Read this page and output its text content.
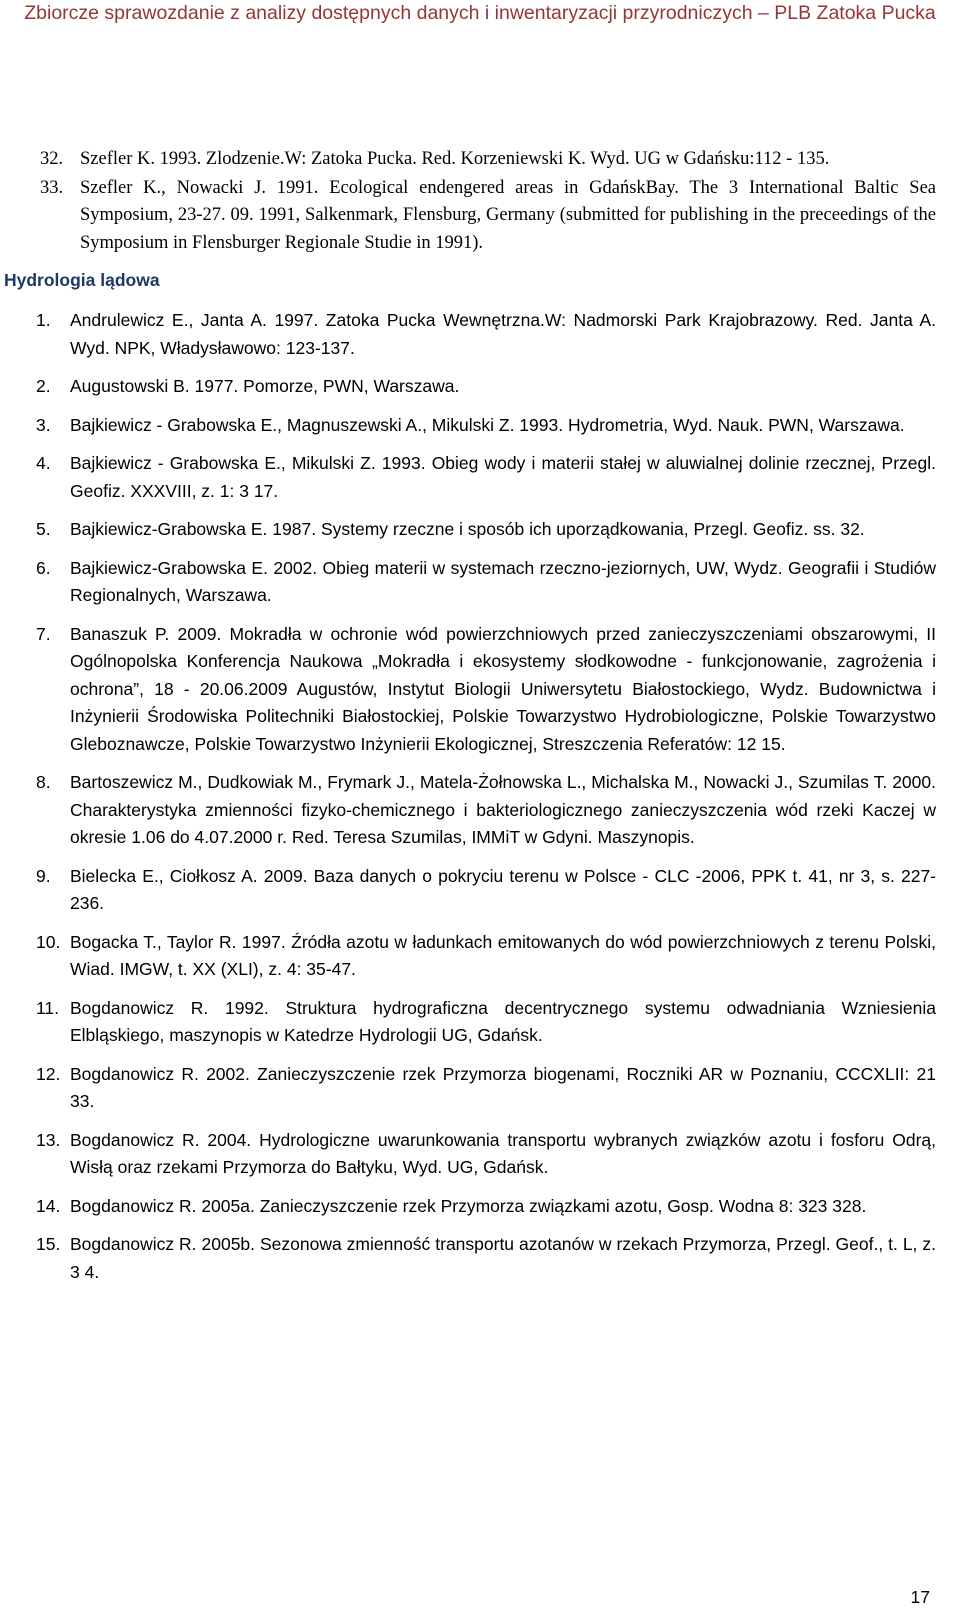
Zbiorcze sprawozdanie z analizy dostępnych danych i inwentaryzacji przyrodniczych – PLB Zatoka Pucka
32. Szefler K. 1993. Zlodzenie.W: Zatoka Pucka. Red. Korzeniewski K. Wyd. UG w Gdańsku:112 - 135.
33. Szefler K., Nowacki J. 1991. Ecological endengered areas in GdańskBay. The 3 International Baltic Sea Symposium, 23-27. 09. 1991, Salkenmark, Flensburg, Germany (submitted for publishing in the preceedings of the Symposium in Flensburger Regionale Studie in 1991).
Hydrologia lądowa
1. Andrulewicz E., Janta A. 1997. Zatoka Pucka Wewnętrzna.W: Nadmorski Park Krajobrazowy. Red. Janta A. Wyd. NPK, Władysławowo: 123-137.
2. Augustowski B. 1977. Pomorze, PWN, Warszawa.
3. Bajkiewicz - Grabowska E., Magnuszewski A., Mikulski Z. 1993. Hydrometria, Wyd. Nauk. PWN, Warszawa.
4. Bajkiewicz - Grabowska E., Mikulski Z. 1993. Obieg wody i materii stałej w aluwialnej dolinie rzecznej, Przegl. Geofiz. XXXVIII, z. 1: 3 17.
5. Bajkiewicz-Grabowska E. 1987. Systemy rzeczne i sposób ich uporządkowania, Przegl. Geofiz. ss. 32.
6. Bajkiewicz-Grabowska E. 2002. Obieg materii w systemach rzeczno-jeziornych, UW, Wydz. Geografii i Studiów Regionalnych, Warszawa.
7. Banaszuk P. 2009. Mokradła w ochronie wód powierzchniowych przed zanieczyszczeniami obszarowymi, II Ogólnopolska Konferencja Naukowa „Mokradła i ekosystemy słodkowodne - funkcjonowanie, zagrożenia i ochrona”, 18 - 20.06.2009 Augustów, Instytut Biologii Uniwersytetu Białostockiego, Wydz. Budownictwa i Inżynierii Środowiska Politechniki Białostockiej, Polskie Towarzystwo Hydrobiologiczne, Polskie Towarzystwo Gleboznawcze, Polskie Towarzystwo Inżynierii Ekologicznej, Streszczenia Referatów: 12 15.
8. Bartoszewicz M., Dudkowiak M., Frymark J., Matela-Żołnowska L., Michalska M., Nowacki J., Szumilas T. 2000. Charakterystyka zmienności fizyko-chemicznego i bakteriologicznego zanieczyszczenia wód rzeki Kaczej w okresie 1.06 do 4.07.2000 r. Red. Teresa Szumilas, IMMiT w Gdyni. Maszynopis.
9. Bielecka E., Ciołkosz A. 2009. Baza danych o pokryciu terenu w Polsce - CLC -2006, PPK t. 41, nr 3, s. 227-236.
10. Bogacka T., Taylor R. 1997. Źródła azotu w ładunkach emitowanych do wód powierzchniowych z terenu Polski, Wiad. IMGW, t. XX (XLI), z. 4: 35-47.
11. Bogdanowicz R. 1992. Struktura hydrograficzna decentrycznego systemu odwadniania Wzniesienia Elbląskiego, maszynopis w Katedrze Hydrologii UG, Gdańsk.
12. Bogdanowicz R. 2002. Zanieczyszczenie rzek Przymorza biogenami, Roczniki AR w Poznaniu, CCCXLII: 21 33.
13. Bogdanowicz R. 2004. Hydrologiczne uwarunkowania transportu wybranych związków azotu i fosforu Odrą, Wisłą oraz rzekami Przymorza do Bałtyku, Wyd. UG, Gdańsk.
14. Bogdanowicz R. 2005a. Zanieczyszczenie rzek Przymorza związkami azotu, Gosp. Wodna 8: 323 328.
15. Bogdanowicz R. 2005b. Sezonowa zmienność transportu azotanów w rzekach Przymorza, Przegl. Geof., t. L, z. 3 4.
17
